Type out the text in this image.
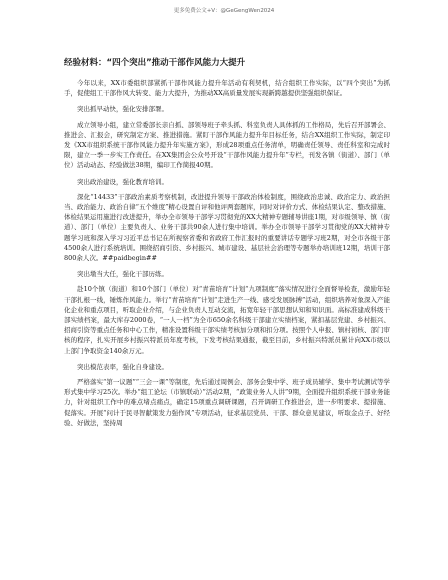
更多免费公文+V：@GeGengWen2024
经验材料：“四个突出”推动干部作风能力大提升

今年以来，XX市委组织部紧抓干部作风能力提升年活动有利契机，结合组织工作实际，以“四个突出”为抓手，促使组工干部作风大转变、能力大提升，为推动XX高质量发展实现新跨越提供坚强组织保证。

突出抓早动快，强化安排部署。

成立领导小组，建立常委部长亲自抓、部领导班子牵头抓、科室负责人具体抓的工作格局，先后召开部署会、推进会、汇报会，研究制定方案、推进措施。紧盯干部作风能力提升年目标任务，结合XX组织工作实际，制定印发《XX市组织系统干部作风能力提升年实施方案》，形成28项重点任务清单，明确责任领导、责任科室和完成时限，建立一季一步实工作责任。在XX集团会公众号开设“干部作风能力提升年”专栏，刊发各镇（街道）、部门（单位）活动动态、经验做法38期，编印工作简报40期。

突出政治建设，强化教育培训。

深化“14433”干部政治素质考察机制，改进提升领导干部政治体检制度，围绕政治忠诚、政治定力、政治担当、政治能力、政治自律“五个维度”精心设置自评和他评两套题库，同时对评价方式、体检结果认定、整改措施、体检结果运用施进行改进提升，举办全市领导干部学习贯彻党的XX大精神专题辅导讲座1期，对市级领导、镇（街道）、部门（单位）主要负责人、业务干部共90余人进行集中培训。举办全市领导干部学习贯彻党的XX大精神专题学习班和深入学习习近平总书记在所视察省委和省政府工作汇报时的重要讲话专题学习班2期，对全市各级干部4500余人进行系统培训。围绕招商引资、乡村振兴、城市建设、基层社会治理等专题举办培训班12期，培训干部800余人次。##paidbegin##

突出墩当大任，强化干部历练。

赴10个镇（街道）和10个部门（单位）对“青苗培育”计划“九项制度”落实情况进行全面督导检查，激励年轻干部扎根一线，锤炼作风能力。举行“青苗培育”计划“走进生产一线、感受发展脉搏”活动，组织培养对象深入产能化企业和重点项目，听取企业介绍，与企业负责人互动交流，拓宽年轻干部思想认知和知识面。高标准建成科级干部实绩档案，最大库存2000卷，“一人一档”为全市650余名科级干部建立实绩档案，紧扣基层党建、乡村振兴、招商引资等重点任务和中心工作，精准设置科级干部实绩考核加分项和扣分项。按照个人申报、镇村初核、部门审核的程序，扎实开展乡村振兴特派员年度考核，下发考核结果通报，截至目前，乡村振兴特派员累计向XX市级以上部门争取资金140余万元。

突出模范表率，强化自身建设。

严格落实“第一议题”“三会一课”等制度，先后通过周例会、部务会集中学、班子成员辅学、集中考试测试等学形式集中学习25次。举办“组工论坛（市镇联动）”活动2期，“政策业务人人讲”9期，全面提升组织系统干部业务能力，针对组织工作中的难点堵点痛点，确定15项重点调研课题，召开调研工作推进会，进一步明要求、提措施、促落实。开展“问计于民寻智献策发力强作风”专项活动，征求基层党员、干部、群众意见建议，听取金点子、好经验、好做法，坚持周
